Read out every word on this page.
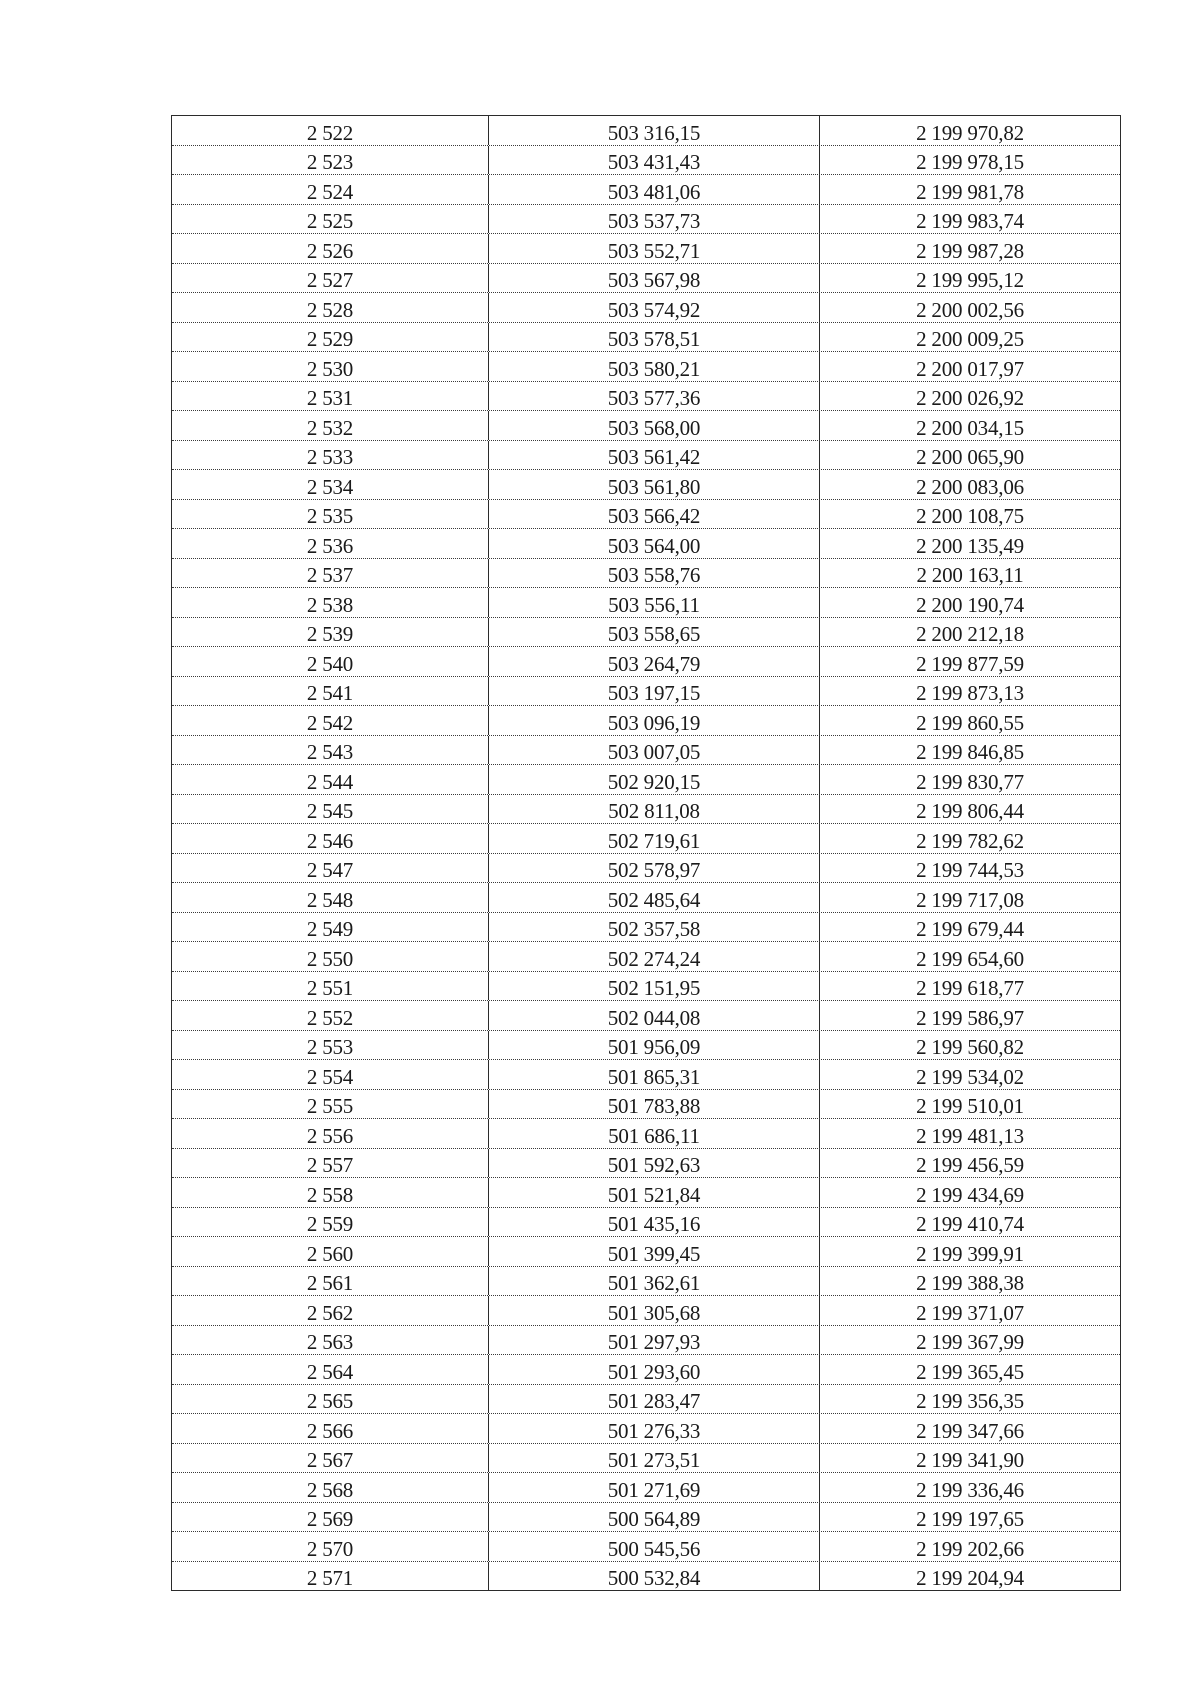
2 522	503 316,15	2 199 970,82
2 523	503 431,43	2 199 978,15
2 524	503 481,06	2 199 981,78
2 525	503 537,73	2 199 983,74
2 526	503 552,71	2 199 987,28
2 527	503 567,98	2 199 995,12
2 528	503 574,92	2 200 002,56
2 529	503 578,51	2 200 009,25
2 530	503 580,21	2 200 017,97
2 531	503 577,36	2 200 026,92
2 532	503 568,00	2 200 034,15
2 533	503 561,42	2 200 065,90
2 534	503 561,80	2 200 083,06
2 535	503 566,42	2 200 108,75
2 536	503 564,00	2 200 135,49
2 537	503 558,76	2 200 163,11
2 538	503 556,11	2 200 190,74
2 539	503 558,65	2 200 212,18
2 540	503 264,79	2 199 877,59
2 541	503 197,15	2 199 873,13
2 542	503 096,19	2 199 860,55
2 543	503 007,05	2 199 846,85
2 544	502 920,15	2 199 830,77
2 545	502 811,08	2 199 806,44
2 546	502 719,61	2 199 782,62
2 547	502 578,97	2 199 744,53
2 548	502 485,64	2 199 717,08
2 549	502 357,58	2 199 679,44
2 550	502 274,24	2 199 654,60
2 551	502 151,95	2 199 618,77
2 552	502 044,08	2 199 586,97
2 553	501 956,09	2 199 560,82
2 554	501 865,31	2 199 534,02
2 555	501 783,88	2 199 510,01
2 556	501 686,11	2 199 481,13
2 557	501 592,63	2 199 456,59
2 558	501 521,84	2 199 434,69
2 559	501 435,16	2 199 410,74
2 560	501 399,45	2 199 399,91
2 561	501 362,61	2 199 388,38
2 562	501 305,68	2 199 371,07
2 563	501 297,93	2 199 367,99
2 564	501 293,60	2 199 365,45
2 565	501 283,47	2 199 356,35
2 566	501 276,33	2 199 347,66
2 567	501 273,51	2 199 341,90
2 568	501 271,69	2 199 336,46
2 569	500 564,89	2 199 197,65
2 570	500 545,56	2 199 202,66
2 571	500 532,84	2 199 204,94
